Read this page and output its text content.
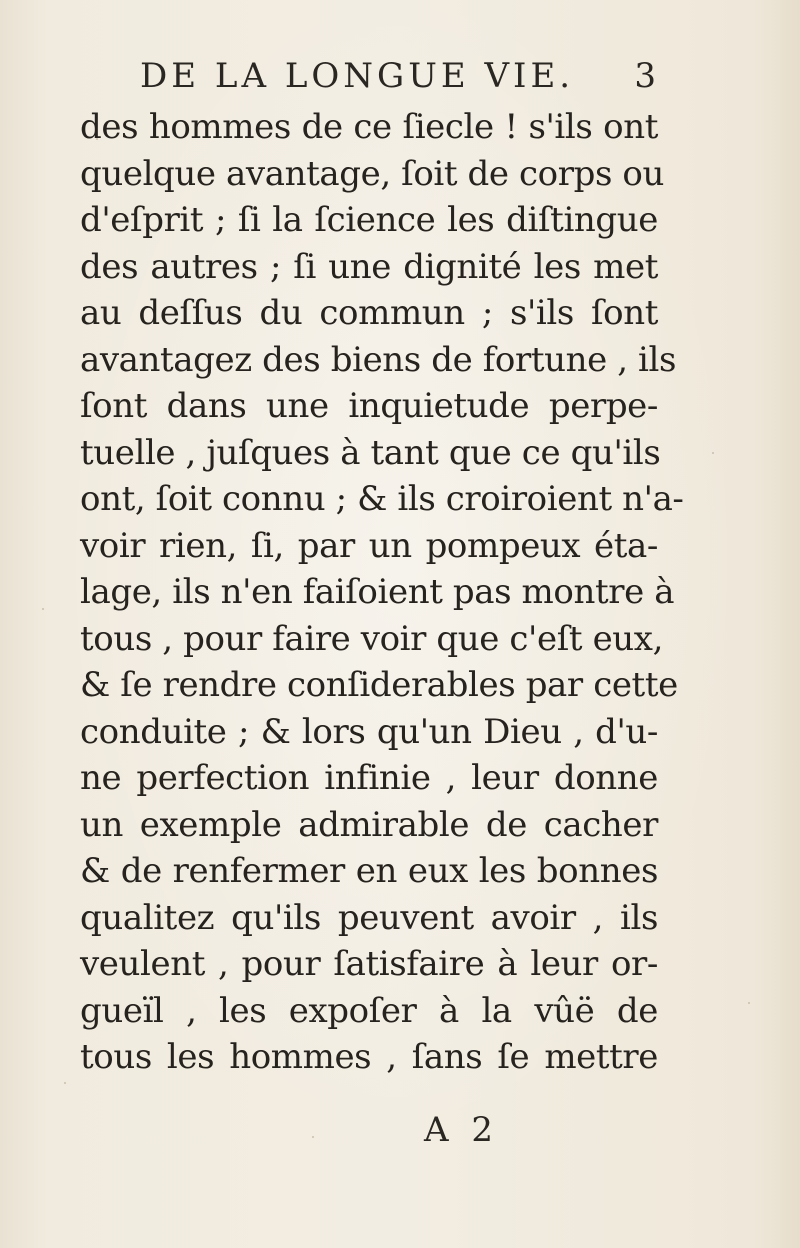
DE LA LONGUE VIE. 3
des hommes de ce ſiecle ! s'ils ont
quelque avantage, ſoit de corps ou
d'eſprit ; ſi la ſcience les diſtingue
des autres ; ſi une dignité les met
au deſſus du commun ; s'ils ſont
avantagez des biens de fortune , ils
ſont dans une inquietude perpe-
tuelle , juſques à tant que ce qu'ils
ont, ſoit connu ; & ils croiroient n'a-
voir rien, ſi, par un pompeux éta-
lage, ils n'en faiſoient pas montre à
tous , pour faire voir que c'eſt eux,
& ſe rendre conſiderables par cette
conduite ; & lors qu'un Dieu , d'u-
ne perfection infinie , leur donne
un exemple admirable de cacher
& de renfermer en eux les bonnes
qualitez qu'ils peuvent avoir , ils
veulent , pour ſatisfaire à leur or-
gueïl , les expoſer à la vûë de
tous les hommes , ſans ſe mettre
A 2
